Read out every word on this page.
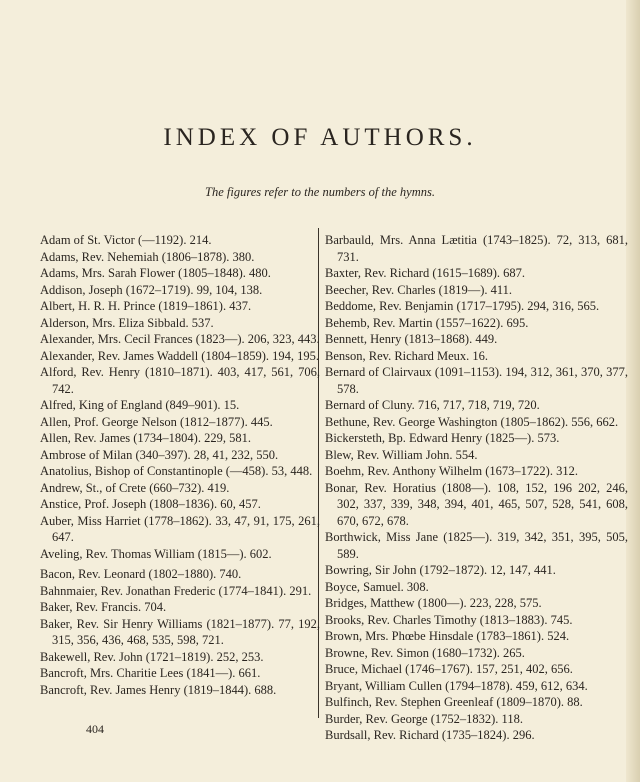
INDEX OF AUTHORS.
The figures refer to the numbers of the hymns.
Adam of St. Victor (—1192). 214.
Adams, Rev. Nehemiah (1806–1878). 380.
Adams, Mrs. Sarah Flower (1805–1848). 480.
Addison, Joseph (1672–1719). 99, 104, 138.
Albert, H. R. H. Prince (1819–1861). 437.
Alderson, Mrs. Eliza Sibbald. 537.
Alexander, Mrs. Cecil Frances (1823—). 206, 323, 443.
Alexander, Rev. James Waddell (1804–1859). 194, 195.
Alford, Rev. Henry (1810–1871). 403, 417, 561, 706, 742.
Alfred, King of England (849–901). 15.
Allen, Prof. George Nelson (1812–1877). 445.
Allen, Rev. James (1734–1804). 229, 581.
Ambrose of Milan (340–397). 28, 41, 232, 550.
Anatolius, Bishop of Constantinople (—458). 53, 448.
Andrew, St., of Crete (660–732). 419.
Anstice, Prof. Joseph (1808–1836). 60, 457.
Auber, Miss Harriet (1778–1862). 33, 47, 91, 175, 261, 647.
Aveling, Rev. Thomas William (1815—). 602.
Bacon, Rev. Leonard (1802–1880). 740.
Bahnmaier, Rev. Jonathan Frederic (1774–1841). 291.
Baker, Rev. Francis. 704.
Baker, Rev. Sir Henry Williams (1821–1877). 77, 192, 315, 356, 436, 468, 535, 598, 721.
Bakewell, Rev. John (1721–1819). 252, 253.
Bancroft, Mrs. Charitie Lees (1841—). 661.
Bancroft, Rev. James Henry (1819–1844). 688.
Barbauld, Mrs. Anna Lætitia (1743–1825). 72, 313, 681, 731.
Baxter, Rev. Richard (1615–1689). 687.
Beecher, Rev. Charles (1819—). 411.
Beddome, Rev. Benjamin (1717–1795). 294, 316, 565.
Behemb, Rev. Martin (1557–1622). 695.
Bennett, Henry (1813–1868). 449.
Benson, Rev. Richard Meux. 16.
Bernard of Clairvaux (1091–1153). 194, 312, 361, 370, 377, 578.
Bernard of Cluny. 716, 717, 718, 719, 720.
Bethune, Rev. George Washington (1805–1862). 556, 662.
Bickersteth, Bp. Edward Henry (1825—). 573.
Blew, Rev. William John. 554.
Boehm, Rev. Anthony Wilhelm (1673–1722). 312.
Bonar, Rev. Horatius (1808—). 108, 152, 196 202, 246, 302, 337, 339, 348, 394, 401, 465, 507, 528, 541, 608, 670, 672, 678.
Borthwick, Miss Jane (1825—). 319, 342, 351, 395, 505, 589.
Bowring, Sir John (1792–1872). 12, 147, 441.
Boyce, Samuel. 308.
Bridges, Matthew (1800—). 223, 228, 575.
Brooks, Rev. Charles Timothy (1813–1883). 745.
Brown, Mrs. Phœbe Hinsdale (1783–1861). 524.
Browne, Rev. Simon (1680–1732). 265.
Bruce, Michael (1746–1767). 157, 251, 402, 656.
Bryant, William Cullen (1794–1878). 459, 612, 634.
Bulfinch, Rev. Stephen Greenleaf (1809–1870). 88.
Burder, Rev. George (1752–1832). 118.
Burdsall, Rev. Richard (1735–1824). 296.
404
